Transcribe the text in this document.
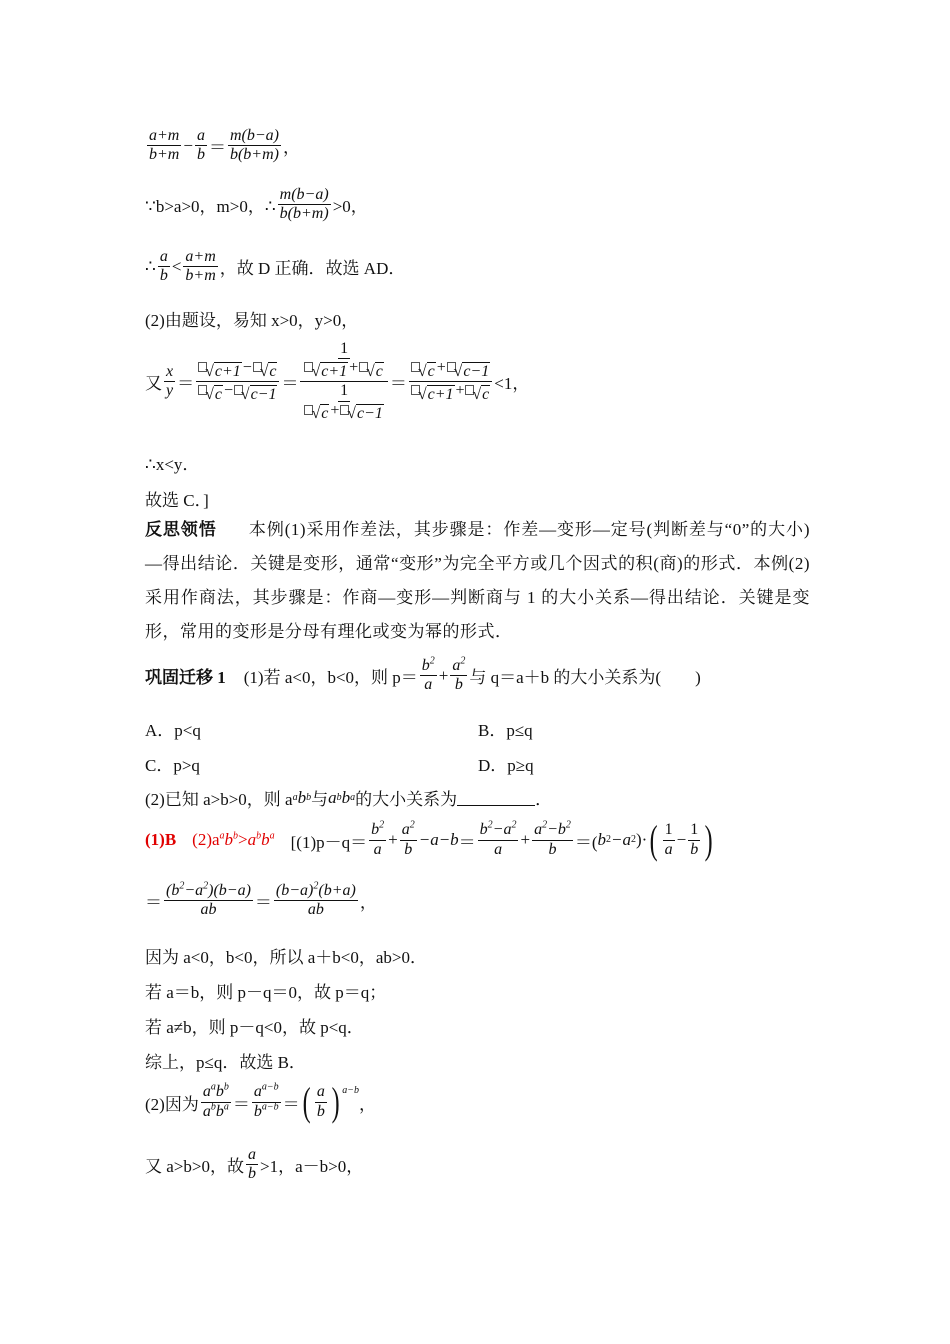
$\frac{a+m}{b+m} - \frac{a}{b} = \frac{m(b-a)}{b(b+m)}$ ，
∵b>a>0，m>0，∴ $\frac{m(b-a)}{b(b+m)} >0$，
∴ $\frac{a}{b} < \frac{a+m}{b+m}$ ，故 D 正确．故选 AD．
(2)由题设，易知 x>0，y>0，
又 $\frac{x}{y} = \frac{√ c+1 - √ c}{√ c - √ c-1} = \frac{\frac{1}{√ c+1 + √ c}}{\frac{1}{√ c + √ c-1}} = \frac{√ c + √ c-1}{√ c+1 + √ c} <1$，
∴x<y．
故选 C．]
反思领悟 本例(1)采用作差法，其步骤是：作差—变形—定号(判断差与“0”的大小)—得出结论．关键是变形，通常“变形”为完全平方或几个因式的积(商)的形式．本例(2)采用作商法，其步骤是：作商—变形—判断商与 1 的大小关系—得出结论．关键是变形，常用的变形是分母有理化或变为幂的形式．
巩固迁移 1 (1)若 a<0，b<0，则 $p= \frac{b^2}{a} + \frac{a^2}{b}$ 与 q＝a＋b 的大小关系为(　　)
A．p<q	B．p≤q
C．p>q	D．p≥q
(2)已知 a>b>0，则 a a b b 与 a b b a 的大小关系为	．
(1)B $(2)a^ab^b>a^bb^a$ [$(1)p-q= \frac{b^2}{a} + \frac{a^2}{b} -a-b = \frac{b^2-a^2}{a} + \frac{a^2-b^2}{b}$ ＝( b 2 −a 2 )· ( $\frac{1}{a} - \frac{1}{b}$ )
＝ $\frac{(b^2-a^2)(b-a)}{ab} = \frac{(b-a)^2(b+a)}{ab}$ ，
因为 a<0，b<0，所以 a＋b<0，ab>0．
若 a＝b，则 p－q＝0，故 p＝q；
若 a≠b，则 p－q<0，故 p<q．
综上，p≤q．故选 B．
(2)因为 $\frac{a^ab^b}{a^bb^a} = \frac{a^{a-b}}{b^{a-b}}$ ＝ ( $\frac{a}{b}$ ) a−b
，
又 a>b>0，故 $\frac{a}{b} >1$，a－b>0，
